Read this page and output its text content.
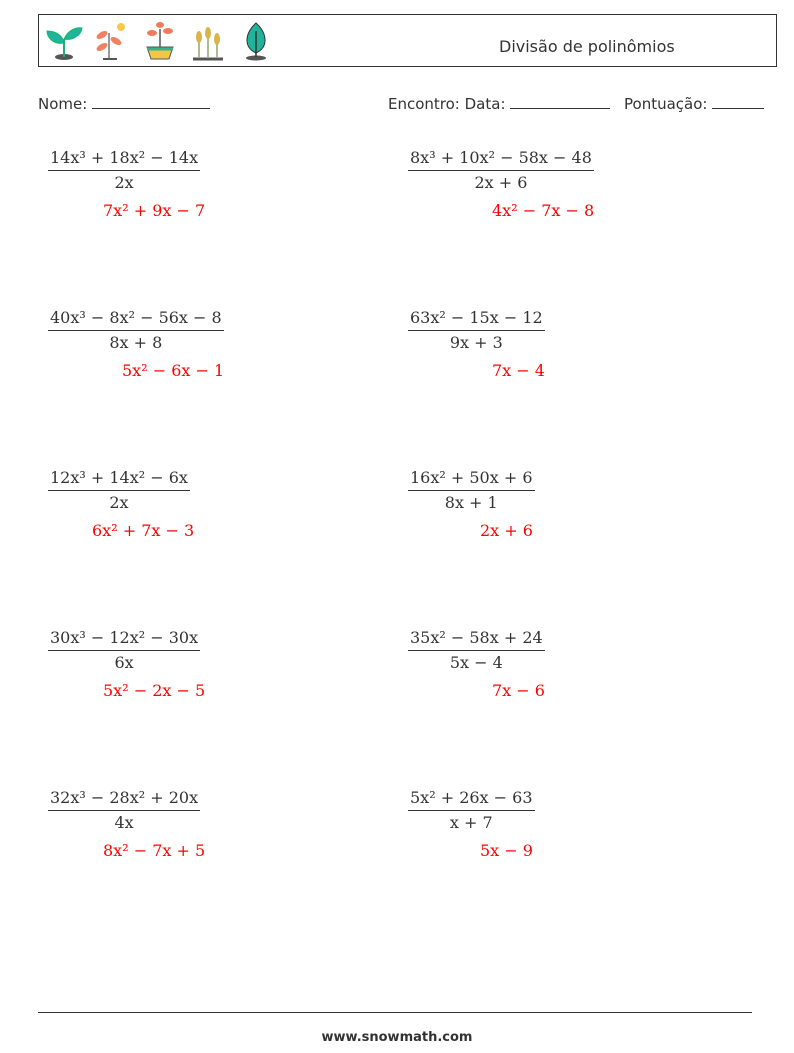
Divisão de polinômios
Nome:	Encontro: Data:	Pontuação:
14x³ + 18x² − 14x
2x
7x² + 9x − 7
8x³ + 10x² − 58x − 48
2x + 6
4x² − 7x − 8
40x³ − 8x² − 56x − 8
8x + 8
5x² − 6x − 1
63x² − 15x − 12
9x + 3
7x − 4
12x³ + 14x² − 6x
2x
6x² + 7x − 3
16x² + 50x + 6
8x + 1
2x + 6
30x³ − 12x² − 30x
6x
5x² − 2x − 5
35x² − 58x + 24
5x − 4
7x − 6
32x³ − 28x² + 20x
4x
8x² − 7x + 5
5x² + 26x − 63
x + 7
5x − 9
www.snowmath.com
